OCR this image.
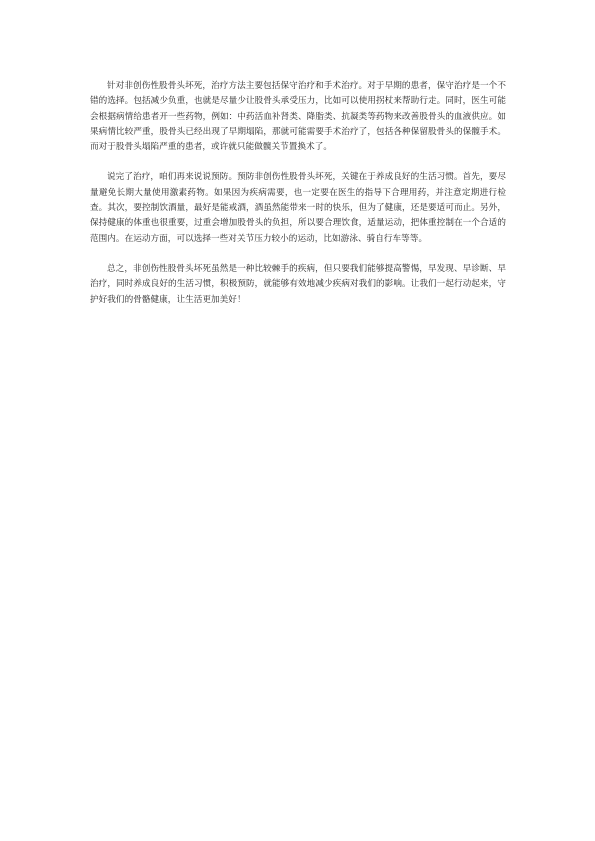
针对非创伤性股骨头坏死，治疗方法主要包括保守治疗和手术治疗。对于早期的患者，保守治疗是一个不错的选择。包括减少负重，也就是尽量少让股骨头承受压力，比如可以使用拐杖来帮助行走。同时，医生可能会根据病情给患者开一些药物，例如：中药活血补肾类、降脂类、抗凝类等药物来改善股骨头的血液供应。如果病情比较严重，股骨头已经出现了早期塌陷，那就可能需要手术治疗了，包括各种保留股骨头的保髋手术。而对于股骨头塌陷严重的患者，或许就只能做髋关节置换术了。

说完了治疗，咱们再来说说预防。预防非创伤性股骨头坏死，关键在于养成良好的生活习惯。首先，要尽量避免长期大量使用激素药物。如果因为疾病需要，也一定要在医生的指导下合理用药，并注意定期进行检查。其次，要控制饮酒量，最好是能戒酒，酒虽然能带来一时的快乐，但为了健康，还是要适可而止。另外，保持健康的体重也很重要，过重会增加股骨头的负担，所以要合理饮食，适量运动，把体重控制在一个合适的范围内。在运动方面，可以选择一些对关节压力较小的运动，比如游泳、骑自行车等等。

总之，非创伤性股骨头坏死虽然是一种比较棘手的疾病，但只要我们能够提高警惕，早发现、早诊断、早治疗，同时养成良好的生活习惯，积极预防，就能够有效地减少疾病对我们的影响。让我们一起行动起来，守护好我们的骨骼健康，让生活更加美好！
